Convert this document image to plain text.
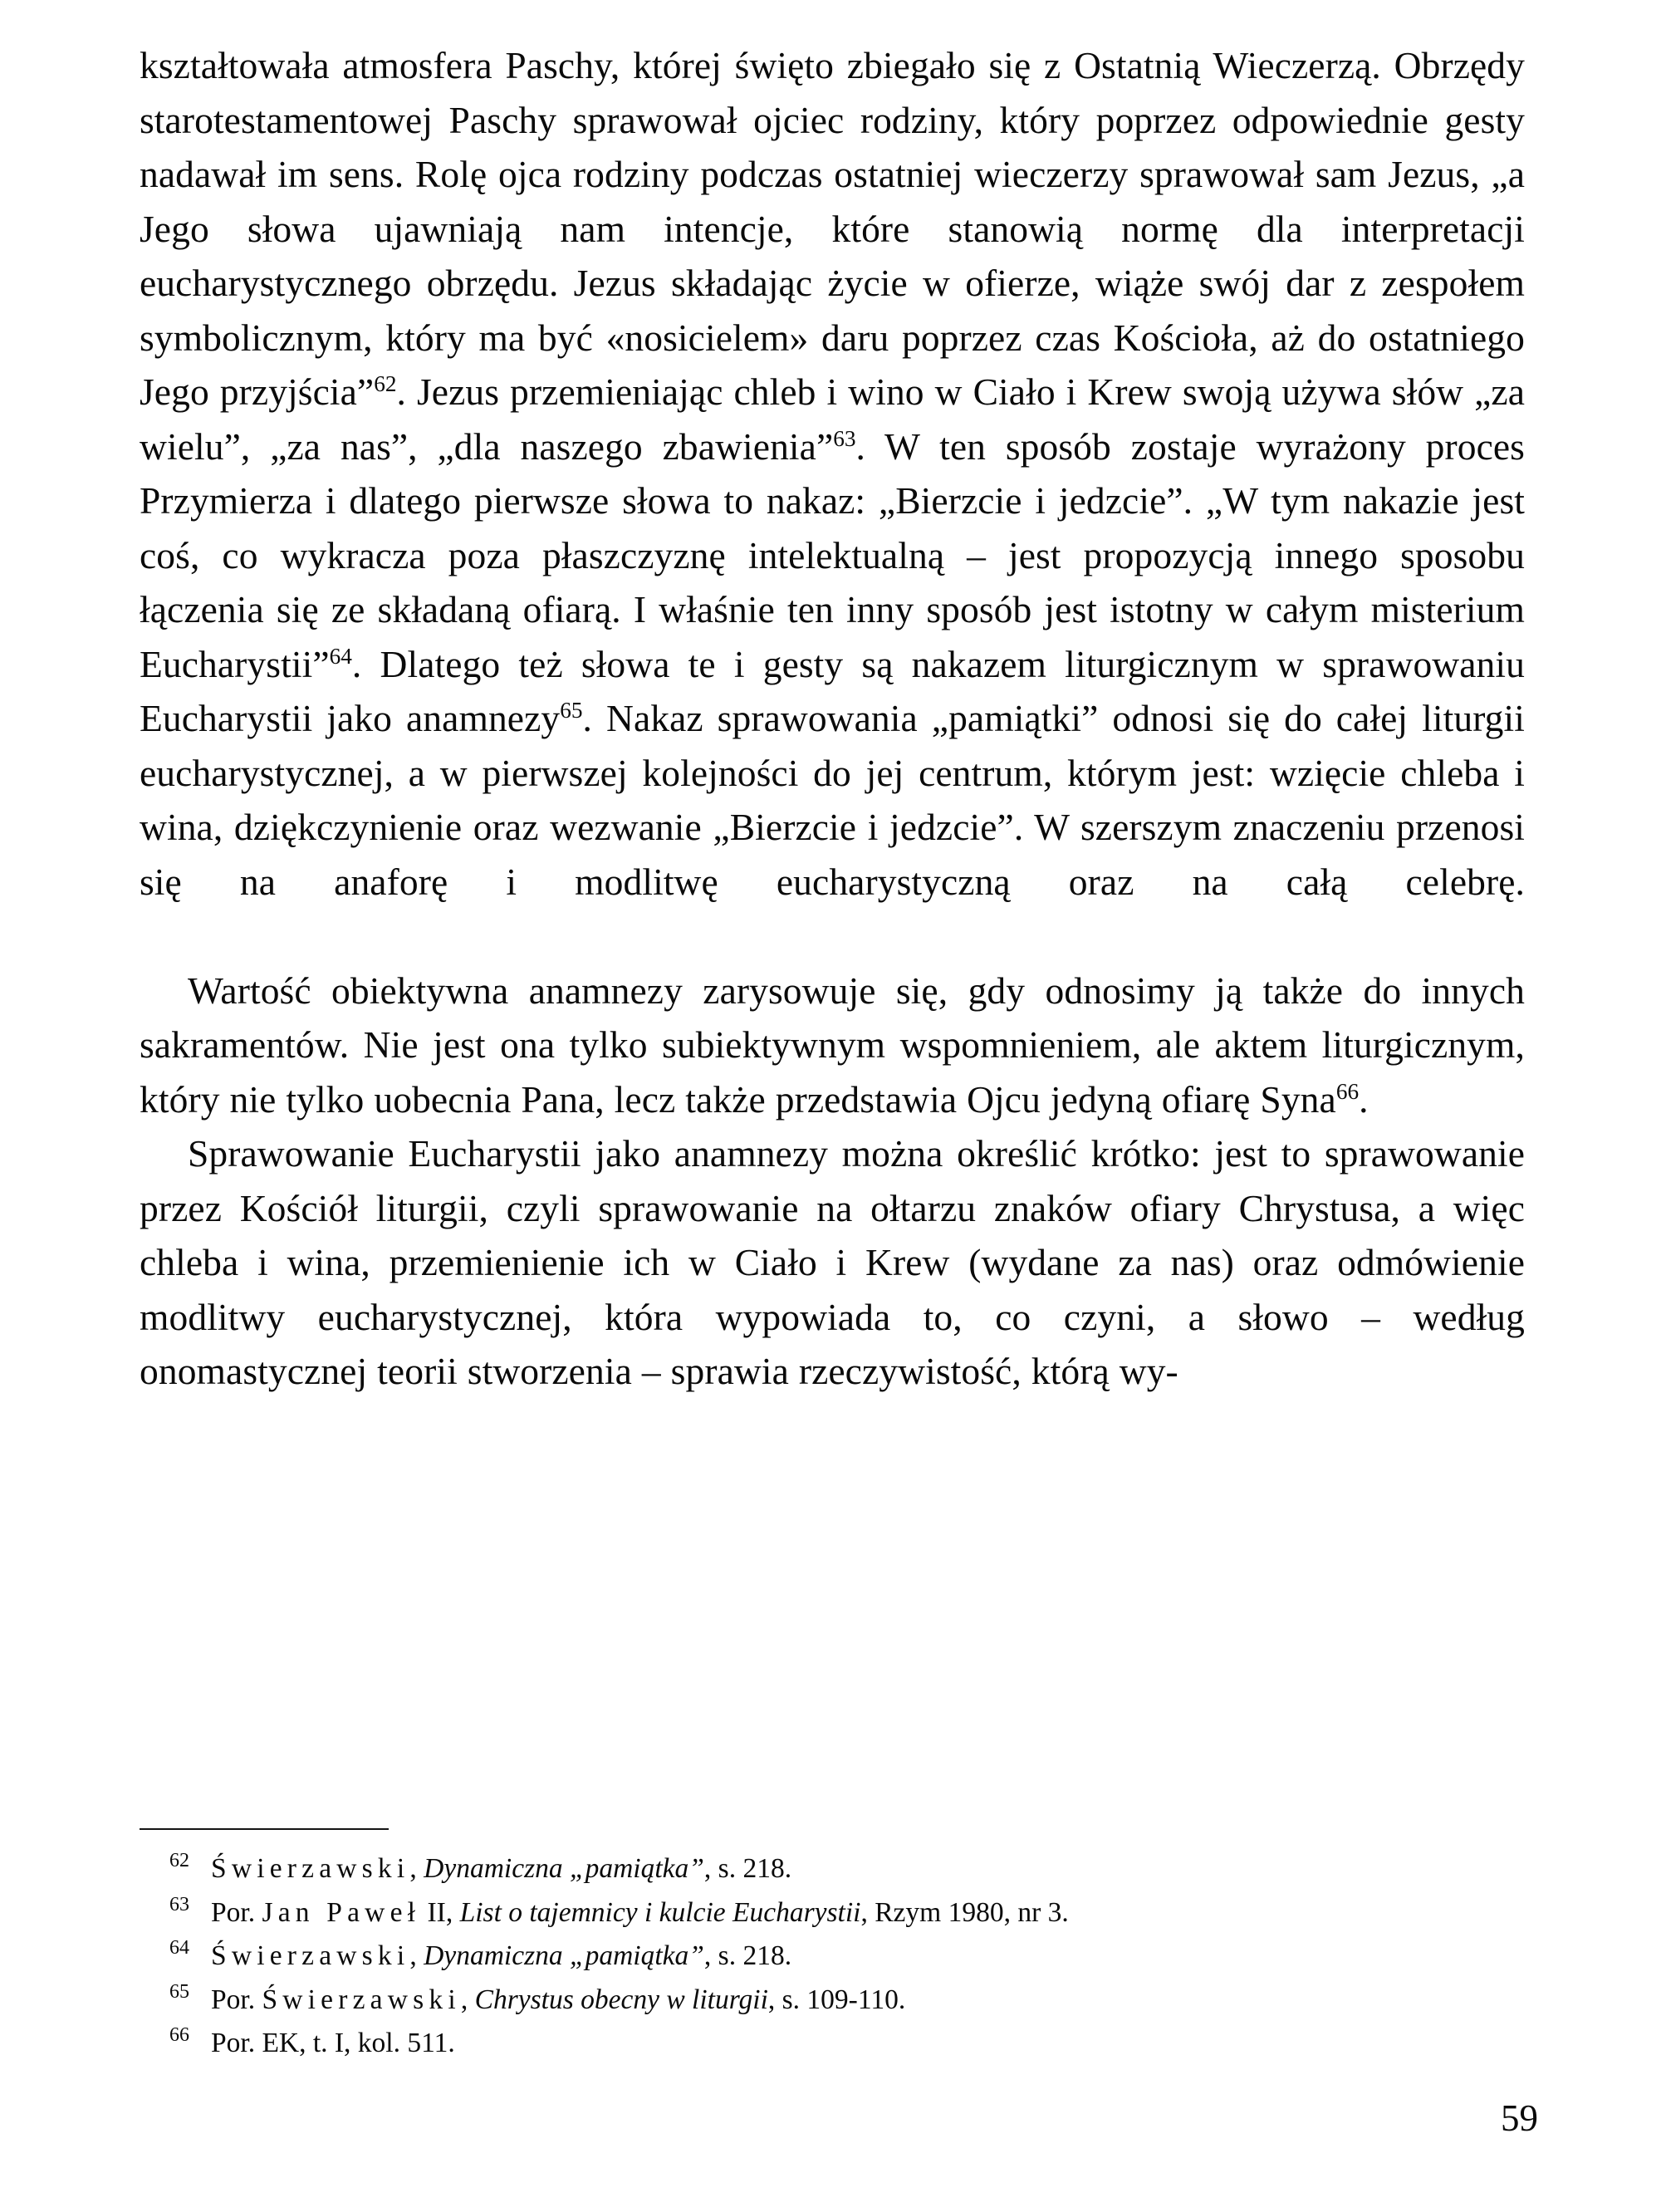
kształtowała atmosfera Paschy, której święto zbiegało się z Ostatnią Wieczerzą. Obrzędy starotestamentowej Paschy sprawował ojciec rodziny, który poprzez odpowiednie gesty nadawał im sens. Rolę ojca rodziny podczas ostatniej wieczerzy sprawował sam Jezus, „a Jego słowa ujawniają nam intencje, które stanowią normę dla interpretacji eucharystycznego obrzędu. Jezus składając życie w ofierze, wiąże swój dar z zespołem symbolicznym, który ma być «nosicielem» daru poprzez czas Kościoła, aż do ostatniego Jego przyjścia”$^{62}$. Jezus przemieniając chleb i wino w Ciało i Krew swoją używa słów „za wielu”, „za nas”, „dla naszego zbawienia”$^{63}$. W ten sposób zostaje wyrażony proces Przymierza i dlatego pierwsze słowa to nakaz: „Bierzcie i jedzcie”. „W tym nakazie jest coś, co wykracza poza płaszczyznę intelektualną – jest propozycją innego sposobu łączenia się ze składaną ofiarą. I właśnie ten inny sposób jest istotny w całym misterium Eucharystii”$^{64}$. Dlatego też słowa te i gesty są nakazem liturgicznym w sprawowaniu Eucharystii jako anamnezy$^{65}$. Nakaz sprawowania „pamiątki” odnosi się do całej liturgii eucharystycznej, a w pierwszej kolejności do jej centrum, którym jest: wzięcie chleba i wina, dziękczynienie oraz wezwanie „Bierzcie i jedzcie”. W szerszym znaczeniu przenosi się na anaforę i modlitwę eucharystyczną oraz na całą celebrę.

Wartość obiektywna anamnezy zarysowuje się, gdy odnosimy ją także do innych sakramentów. Nie jest ona tylko subiektywnym wspomnieniem, ale aktem liturgicznym, który nie tylko uobecnia Pana, lecz także przedstawia Ojcu jedyną ofiarę Syna$^{66}$.

Sprawowanie Eucharystii jako anamnezy można określić krótko: jest to sprawowanie przez Kościół liturgii, czyli sprawowanie na ołtarzu znaków ofiary Chrystusa, a więc chleba i wina, przemienienie ich w Ciało i Krew (wydane za nas) oraz odmówienie modlitwy eucharystycznej, która wypowiada to, co czyni, a słowo – według onomastycznej teorii stworzenia – sprawia rzeczywistość, którą wy-

62 Świerzawski, Dynamiczna „pamiątka”, s. 218.
63 Por. Jan Paweł II, List o tajemnicy i kulcie Eucharystii, Rzym 1980, nr 3.
64 Świerzawski, Dynamiczna „pamiątka”, s. 218.
65 Por. Świerzawski, Chrystus obecny w liturgii, s. 109-110.
66 Por. EK, t. I, kol. 511.
59
